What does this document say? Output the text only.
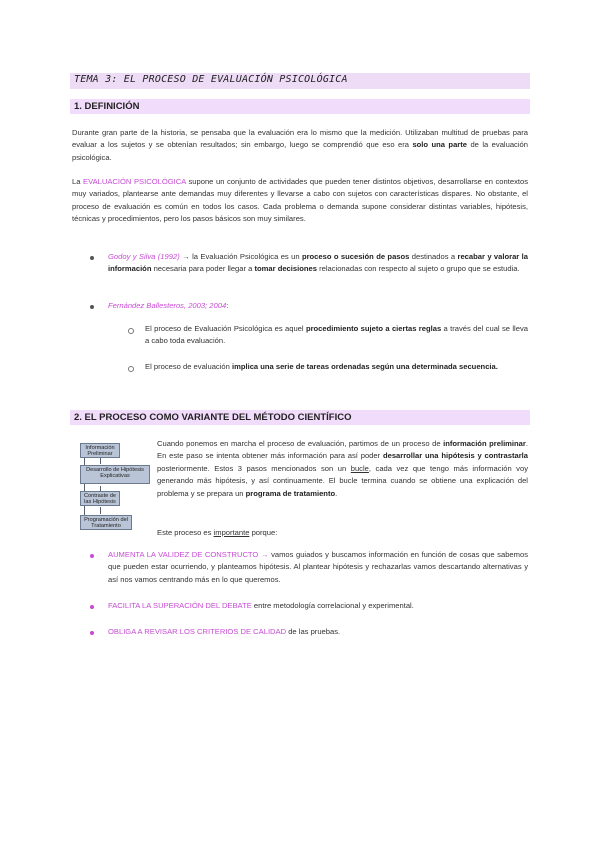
TEMA 3: EL PROCESO DE EVALUACIÓN PSICOLÓGICA
1. DEFINICIÓN
Durante gran parte de la historia, se pensaba que la evaluación era lo mismo que la medición. Utilizaban multitud de pruebas para evaluar a los sujetos y se obtenían resultados; sin embargo, luego se comprendió que eso era solo una parte de la evaluación psicológica.
La EVALUACIÓN PSICOLÓGICA supone un conjunto de actividades que pueden tener distintos objetivos, desarrollarse en contextos muy variados, plantearse ante demandas muy diferentes y llevarse a cabo con sujetos con características dispares. No obstante, el proceso de evaluación es común en todos los casos. Cada problema o demanda supone considerar distintas variables, hipótesis, técnicas y procedimientos, pero los pasos básicos son muy similares.
Godoy y Silva (1992) → la Evaluación Psicológica es un proceso o sucesión de pasos destinados a recabar y valorar la información necesaria para poder llegar a tomar decisiones relacionadas con respecto al sujeto o grupo que se estudia.
Fernández Ballesteros, 2003; 2004:
El proceso de Evaluación Psicológica es aquel procedimiento sujeto a ciertas reglas a través del cual se lleva a cabo toda evaluación.
El proceso de evaluación implica una serie de tareas ordenadas según una determinada secuencia.
2. EL PROCESO COMO VARIANTE DEL MÉTODO CIENTÍFICO
Información Preliminar
Desarrollo de Hipótesis Explicativas
Contraste de las Hipótesis
Programación del Tratamiento
Cuando ponemos en marcha el proceso de evaluación, partimos de un proceso de información preliminar. En este paso se intenta obtener más información para así poder desarrollar una hipótesis y contrastarla posteriormente. Estos 3 pasos mencionados son un bucle, cada vez que tengo más información voy generando más hipótesis, y así continuamente. El bucle termina cuando se obtiene una explicación del problema y se prepara un programa de tratamiento.
Este proceso es importante porque:
AUMENTA LA VALIDEZ DE CONSTRUCTO → vamos guiados y buscamos información en función de cosas que sabemos que pueden estar ocurriendo, y planteamos hipótesis. Al plantear hipótesis y rechazarlas vamos descartando alternativas y así nos vamos centrando más en lo que queremos.
FACILITA LA SUPERACIÓN DEL DEBATE entre metodología correlacional y experimental.
OBLIGA A REVISAR LOS CRITERIOS DE CALIDAD de las pruebas.
